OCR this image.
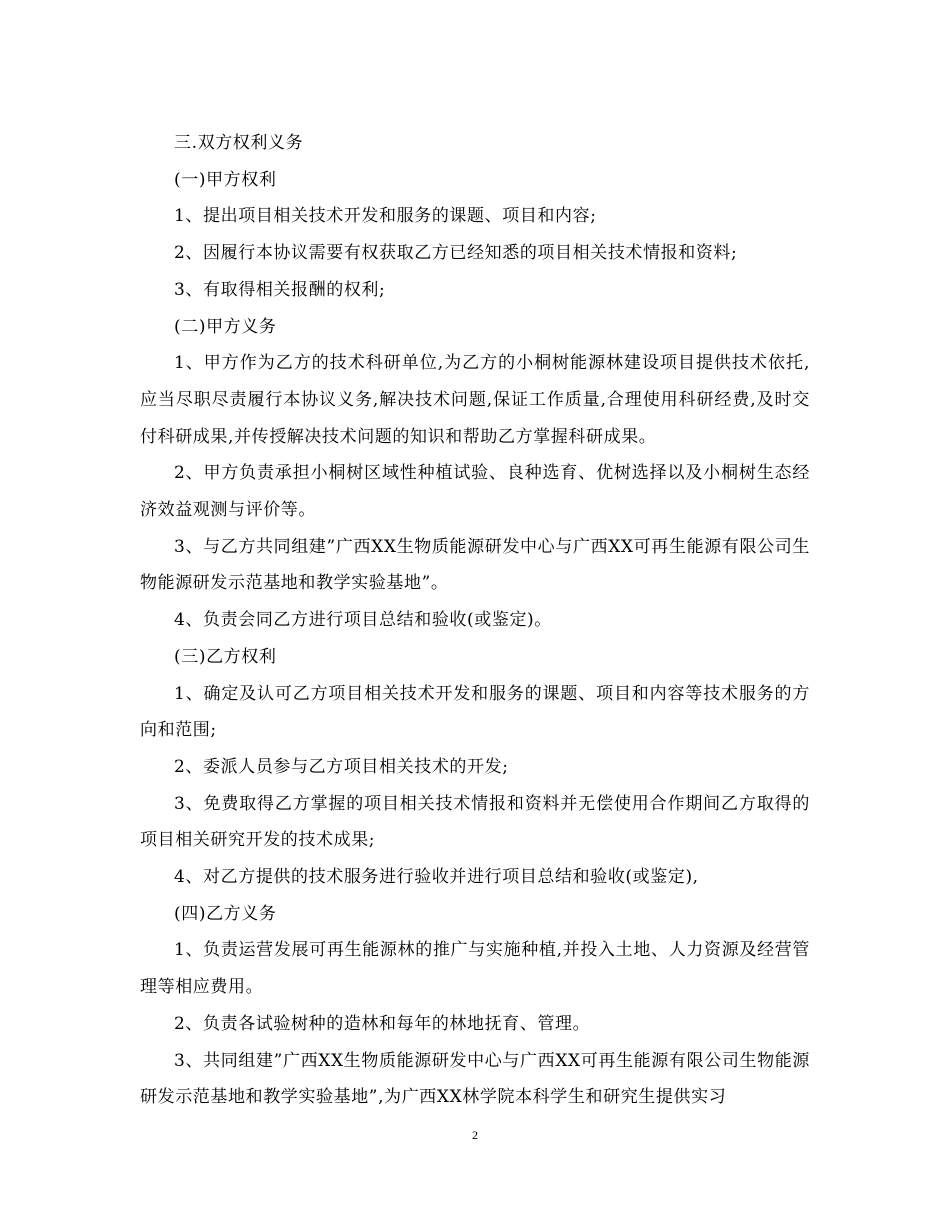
三.双方权利义务

(一)甲方权利

1、提出项目相关技术开发和服务的课题、项目和内容;

2、因履行本协议需要有权获取乙方已经知悉的项目相关技术情报和资料;

3、有取得相关报酬的权利;

(二)甲方义务

1、甲方作为乙方的技术科研单位,为乙方的小桐树能源林建设项目提供技术依托,应当尽职尽责履行本协议义务,解决技术问题,保证工作质量,合理使用科研经费,及时交付科研成果,并传授解决技术问题的知识和帮助乙方掌握科研成果。

2、甲方负责承担小桐树区域性种植试验、良种选育、优树选择以及小桐树生态经济效益观测与评价等。

3、与乙方共同组建”广西XX生物质能源研发中心与广西XX可再生能源有限公司生物能源研发示范基地和教学实验基地”。

4、负责会同乙方进行项目总结和验收(或鉴定)。

(三)乙方权利

1、确定及认可乙方项目相关技术开发和服务的课题、项目和内容等技术服务的方向和范围;

2、委派人员参与乙方项目相关技术的开发;

3、免费取得乙方掌握的项目相关技术情报和资料并无偿使用合作期间乙方取得的项目相关研究开发的技术成果;

4、对乙方提供的技术服务进行验收并进行项目总结和验收(或鉴定),

(四)乙方义务

1、负责运营发展可再生能源林的推广与实施种植,并投入土地、人力资源及经营管理等相应费用。

2、负责各试验树种的造林和每年的林地抚育、管理。

3、共同组建”广西XX生物质能源研发中心与广西XX可再生能源有限公司生物能源研发示范基地和教学实验基地”,为广西XX林学院本科学生和研究生提供实习

2
